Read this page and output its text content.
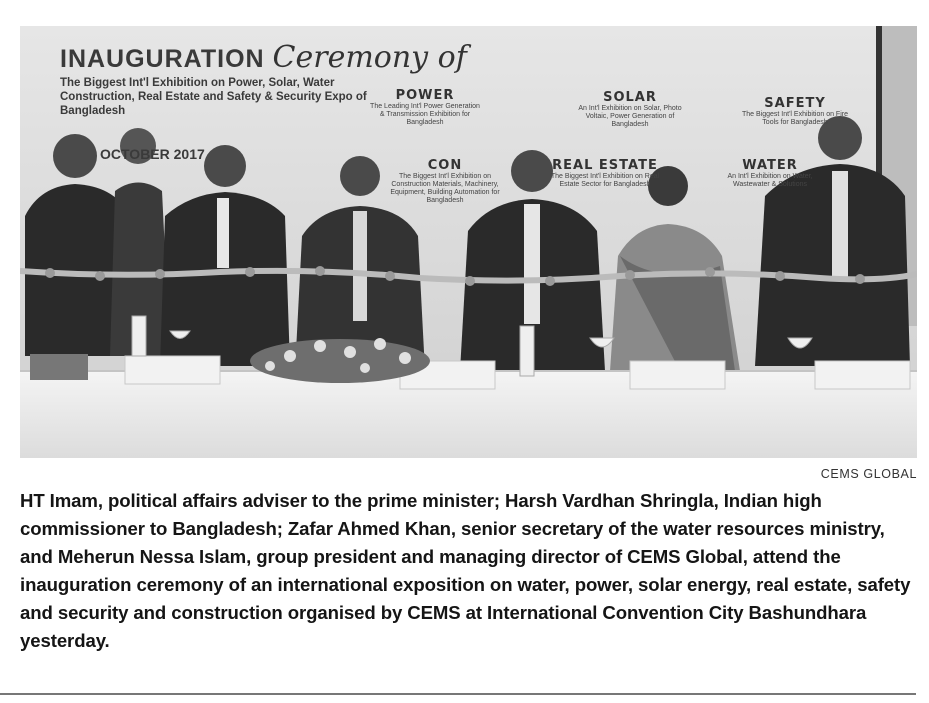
INAUGURATION Ceremony of
The Biggest Int'l Exhibition on Power, Solar, Water Construction, Real Estate and Safety & Security Expo of Bangladesh
OCTOBER 2017
POWER
The Leading Int'l Power Generation & Transmission Exhibition for Bangladesh
SOLAR
An Int'l Exhibition on Solar, Photo Voltaic, Power Generation of Bangladesh
SAFETY
The Biggest Int'l Exhibition on Fire Tools for Bangladesh
CON
The Biggest Int'l Exhibition on Construction Materials, Machinery, Equipment, Building Automation for Bangladesh
REAL ESTATE
The Biggest Int'l Exhibition on Real Estate Sector for Bangladesh
WATER
An Int'l Exhibition on Water, Wastewater & Solutions
CEMS GLOBAL
HT Imam, political affairs adviser to the prime minister; Harsh Vardhan Shringla, Indian high commissioner to Bangladesh; Zafar Ahmed Khan, senior secretary of the water resources ministry, and Meherun Nessa Islam, group president and managing director of CEMS Global, attend the inauguration ceremony of an international exposition on water, power, solar energy, real estate, safety and security and construction organised by CEMS at International Convention City Bashundhara yesterday.
